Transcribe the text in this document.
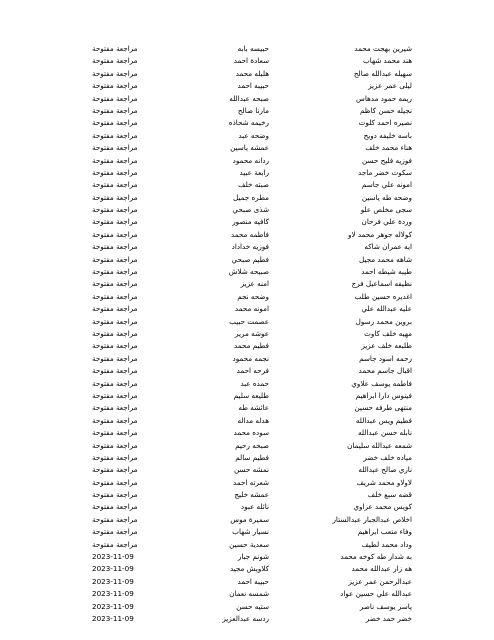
شيرين بهجت محمد
حبيسه بابه
مراجعة مفتوحة
هند محمد شهاب
سعادة احمد
مراجعة مفتوحة
سهيله عبدالله صالح
هلبله محمد
مراجعة مفتوحة
ليلى عمر عزيز
حبيبه احمد
مراجعة مفتوحة
ريمه حمود مدهاس
صبحه عبدالله
مراجعة مفتوحة
نجيله حسن كاظم
مارنا صالح
مراجعة مفتوحة
نصيره احمد كلوت
رخيمه شحاذه
مراجعة مفتوحة
باسه خليفه دويح
وضحه عبد
مراجعة مفتوحة
هناء محمد خلف
عمشه ياسين
مراجعة مفتوحة
فوزيه فليح حسن
ردانه محمود
مراجعة مفتوحة
سكوت خضر ماجد
رابعة عبيد
مراجعة مفتوحة
امونه علي جاسم
صبته خلف
مراجعة مفتوحة
وضحه طه ياسين
مطره جميل
مراجعة مفتوحة
سجى مخلص علو
شذى صبحي
مراجعة مفتوحة
وردة علي فرحان
كافيه منصور
مراجعة مفتوحة
كولاله جوهر محمد لاو
فاطمه محمد
مراجعة مفتوحة
ايه عمران شاكه
فوزيه خداداد
مراجعة مفتوحة
شاهه محمد مجيل
فطيم صبحي
مراجعة مفتوحة
طيبه شيطه احمد
صبيحه شلاش
مراجعة مفتوحة
نظيفه اسماعيل فرج
امنه عزيز
مراجعة مفتوحة
اغديره حسين طلب
وضحه نجم
مراجعة مفتوحة
عليه عبدالله علي
امونه محمد
مراجعة مفتوحة
بروين محمد رسول
عصمت حبيب
مراجعة مفتوحة
مهيه خلف كاوت
عوشه مرير
مراجعة مفتوحة
طلبعه خلف عزيز
فطيم محمد
مراجعة مفتوحة
رحمه اسود جاسم
نجمه محمود
مراجعة مفتوحة
اقبال جاسم محمد
فرحه احمد
مراجعة مفتوحة
فاطمه يوسف علاوي
حمده عبد
مراجعة مفتوحة
فينوس دارا ابراهيم
طليعه سليم
مراجعة مفتوحة
منتهى طرفه حسين
عائشه طه
مراجعة مفتوحة
فطيم ويس عبدالله
هدله مداله
مراجعة مفتوحة
نابله حسن عبدالله
سوده محمد
مراجعة مفتوحة
شمعه عبدالله سليمان
صبحه رحيم
مراجعة مفتوحة
مياده خلف خضر
فطيم سالم
مراجعة مفتوحة
نازي صالح عبدالله
نمشه حسن
مراجعة مفتوحة
لاولاو محمد شريف
شعرته احمد
مراجعة مفتوحة
قضه سبع خلف
عمشه خليج
مراجعة مفتوحة
كويس محمد عزاوي
نائله عبود
مراجعة مفتوحة
اخلاص عبدالجبار عبدالستار
سميرة موس
مراجعة مفتوحة
وفاء متعب ابراهيم
نسيار شهاب
مراجعة مفتوحة
وداد محمد لطيف
سعدية حسين
مراجعة مفتوحة
به شدار طه كوخه محمد
شونم جبار
2023-11-09
هه زار عبدالله محمد
كلاويش مجيد
2023-11-09
عبدالرحمن عمر عزيز
حبيبه احمد
2023-11-09
عبدالله علي حسين عواد
شمسه نعمان
2023-11-09
ياسر يوسف ناصر
ستيه حسن
2023-11-09
خضر حمد خضر
ردسه عبدالعزيز
2023-11-09
